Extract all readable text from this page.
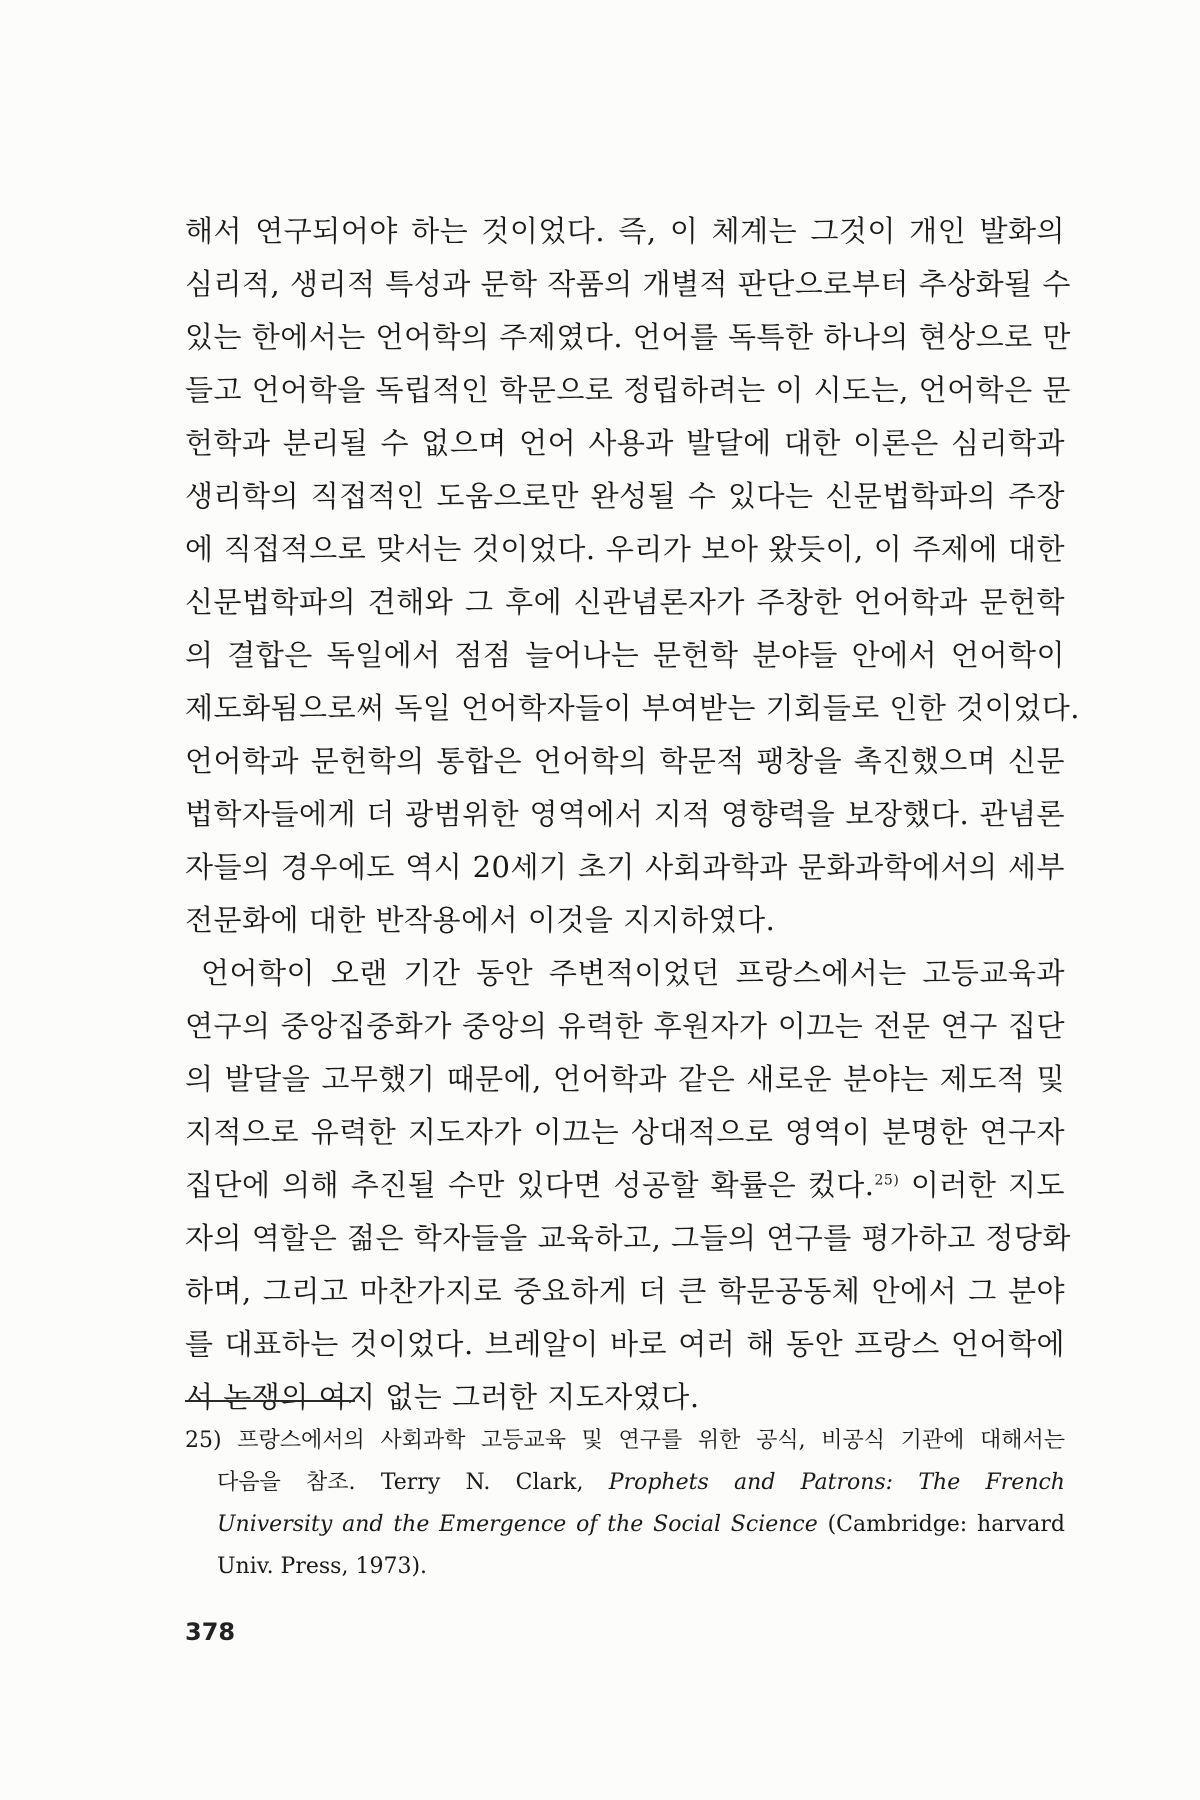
해서 연구되어야 하는 것이었다. 즉, 이 체계는 그것이 개인 발화의
심리적, 생리적 특성과 문학 작품의 개별적 판단으로부터 추상화될 수
있는 한에서는 언어학의 주제였다. 언어를 독특한 하나의 현상으로 만
들고 언어학을 독립적인 학문으로 정립하려는 이 시도는, 언어학은 문
헌학과 분리될 수 없으며 언어 사용과 발달에 대한 이론은 심리학과
생리학의 직접적인 도움으로만 완성될 수 있다는 신문법학파의 주장
에 직접적으로 맞서는 것이었다. 우리가 보아 왔듯이, 이 주제에 대한
신문법학파의 견해와 그 후에 신관념론자가 주창한 언어학과 문헌학
의 결합은 독일에서 점점 늘어나는 문헌학 분야들 안에서 언어학이
제도화됨으로써 독일 언어학자들이 부여받는 기회들로 인한 것이었다.
언어학과 문헌학의 통합은 언어학의 학문적 팽창을 촉진했으며 신문
법학자들에게 더 광범위한 영역에서 지적 영향력을 보장했다. 관념론
자들의 경우에도 역시 20세기 초기 사회과학과 문화과학에서의 세부
전문화에 대한 반작용에서 이것을 지지하였다.
언어학이 오랜 기간 동안 주변적이었던 프랑스에서는 고등교육과
연구의 중앙집중화가 중앙의 유력한 후원자가 이끄는 전문 연구 집단
의 발달을 고무했기 때문에, 언어학과 같은 새로운 분야는 제도적 및
지적으로 유력한 지도자가 이끄는 상대적으로 영역이 분명한 연구자
집단에 의해 추진될 수만 있다면 성공할 확률은 컸다.$^{25)}$ 이러한 지도
자의 역할은 젊은 학자들을 교육하고, 그들의 연구를 평가하고 정당화
하며, 그리고 마찬가지로 중요하게 더 큰 학문공동체 안에서 그 분야
를 대표하는 것이었다. 브레알이 바로 여러 해 동안 프랑스 언어학에
서 논쟁의 여지 없는 그러한 지도자였다.
25) 프랑스에서의 사회과학 고등교육 및 연구를 위한 공식, 비공식 기관에 대해서는
다음을 참조. Terry N. Clark, Prophets and Patrons: The French
University and the Emergence of the Social Science (Cambridge: harvard
Univ. Press, 1973).
378
